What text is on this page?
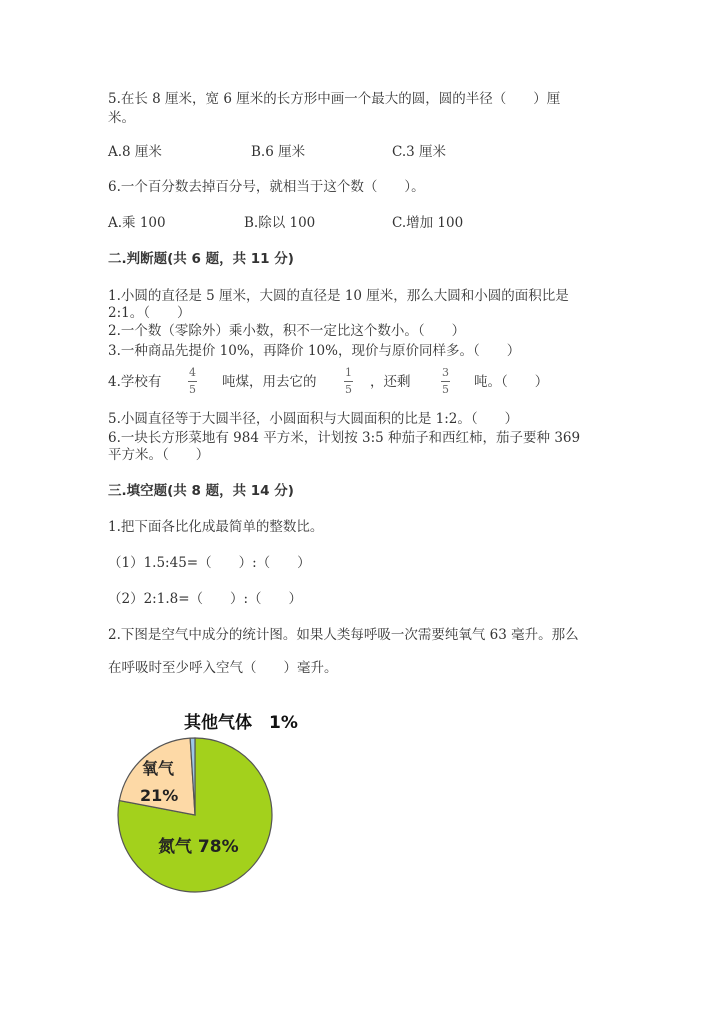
5.在长 8 厘米，宽 6 厘米的长方形中画一个最大的圆，圆的半径（　　）厘
米。
A.8 厘米	B.6 厘米	C.3 厘米
6.一个百分数去掉百分号，就相当于这个数（　　）。
A.乘 100	B.除以 100	C.增加 100
二.判断题(共 6 题，共 11 分)
1.小圆的直径是 5 厘米，大圆的直径是 10 厘米，那么大圆和小圆的面积比是
2:1。（　　）
2.一个数（零除外）乘小数，积不一定比这个数小。（　　）
3.一种商品先提价 10%，再降价 10%，现价与原价同样多。（　　）
4.学校有
4
5 吨煤，用去它的
1
5 ，还剩
3
5 吨。（　　）
5.小圆直径等于大圆半径，小圆面积与大圆面积的比是 1:2。（　　）
6.一块长方形菜地有 984 平方米，计划按 3:5 种茄子和西红柿，茄子要种 369
平方米。（　　）
三.填空题(共 8 题，共 14 分)
1.把下面各比化成最简单的整数比。
（1）1.5:45=（　　）:（　　）
（2）2:1.8=（　　）:（　　）
2.下图是空气中成分的统计图。如果人类每呼吸一次需要纯氧气 63 毫升。那么
在呼吸时至少呼入空气（　　）毫升。
其他气体　1%
氧气
21%
氮气 78%
